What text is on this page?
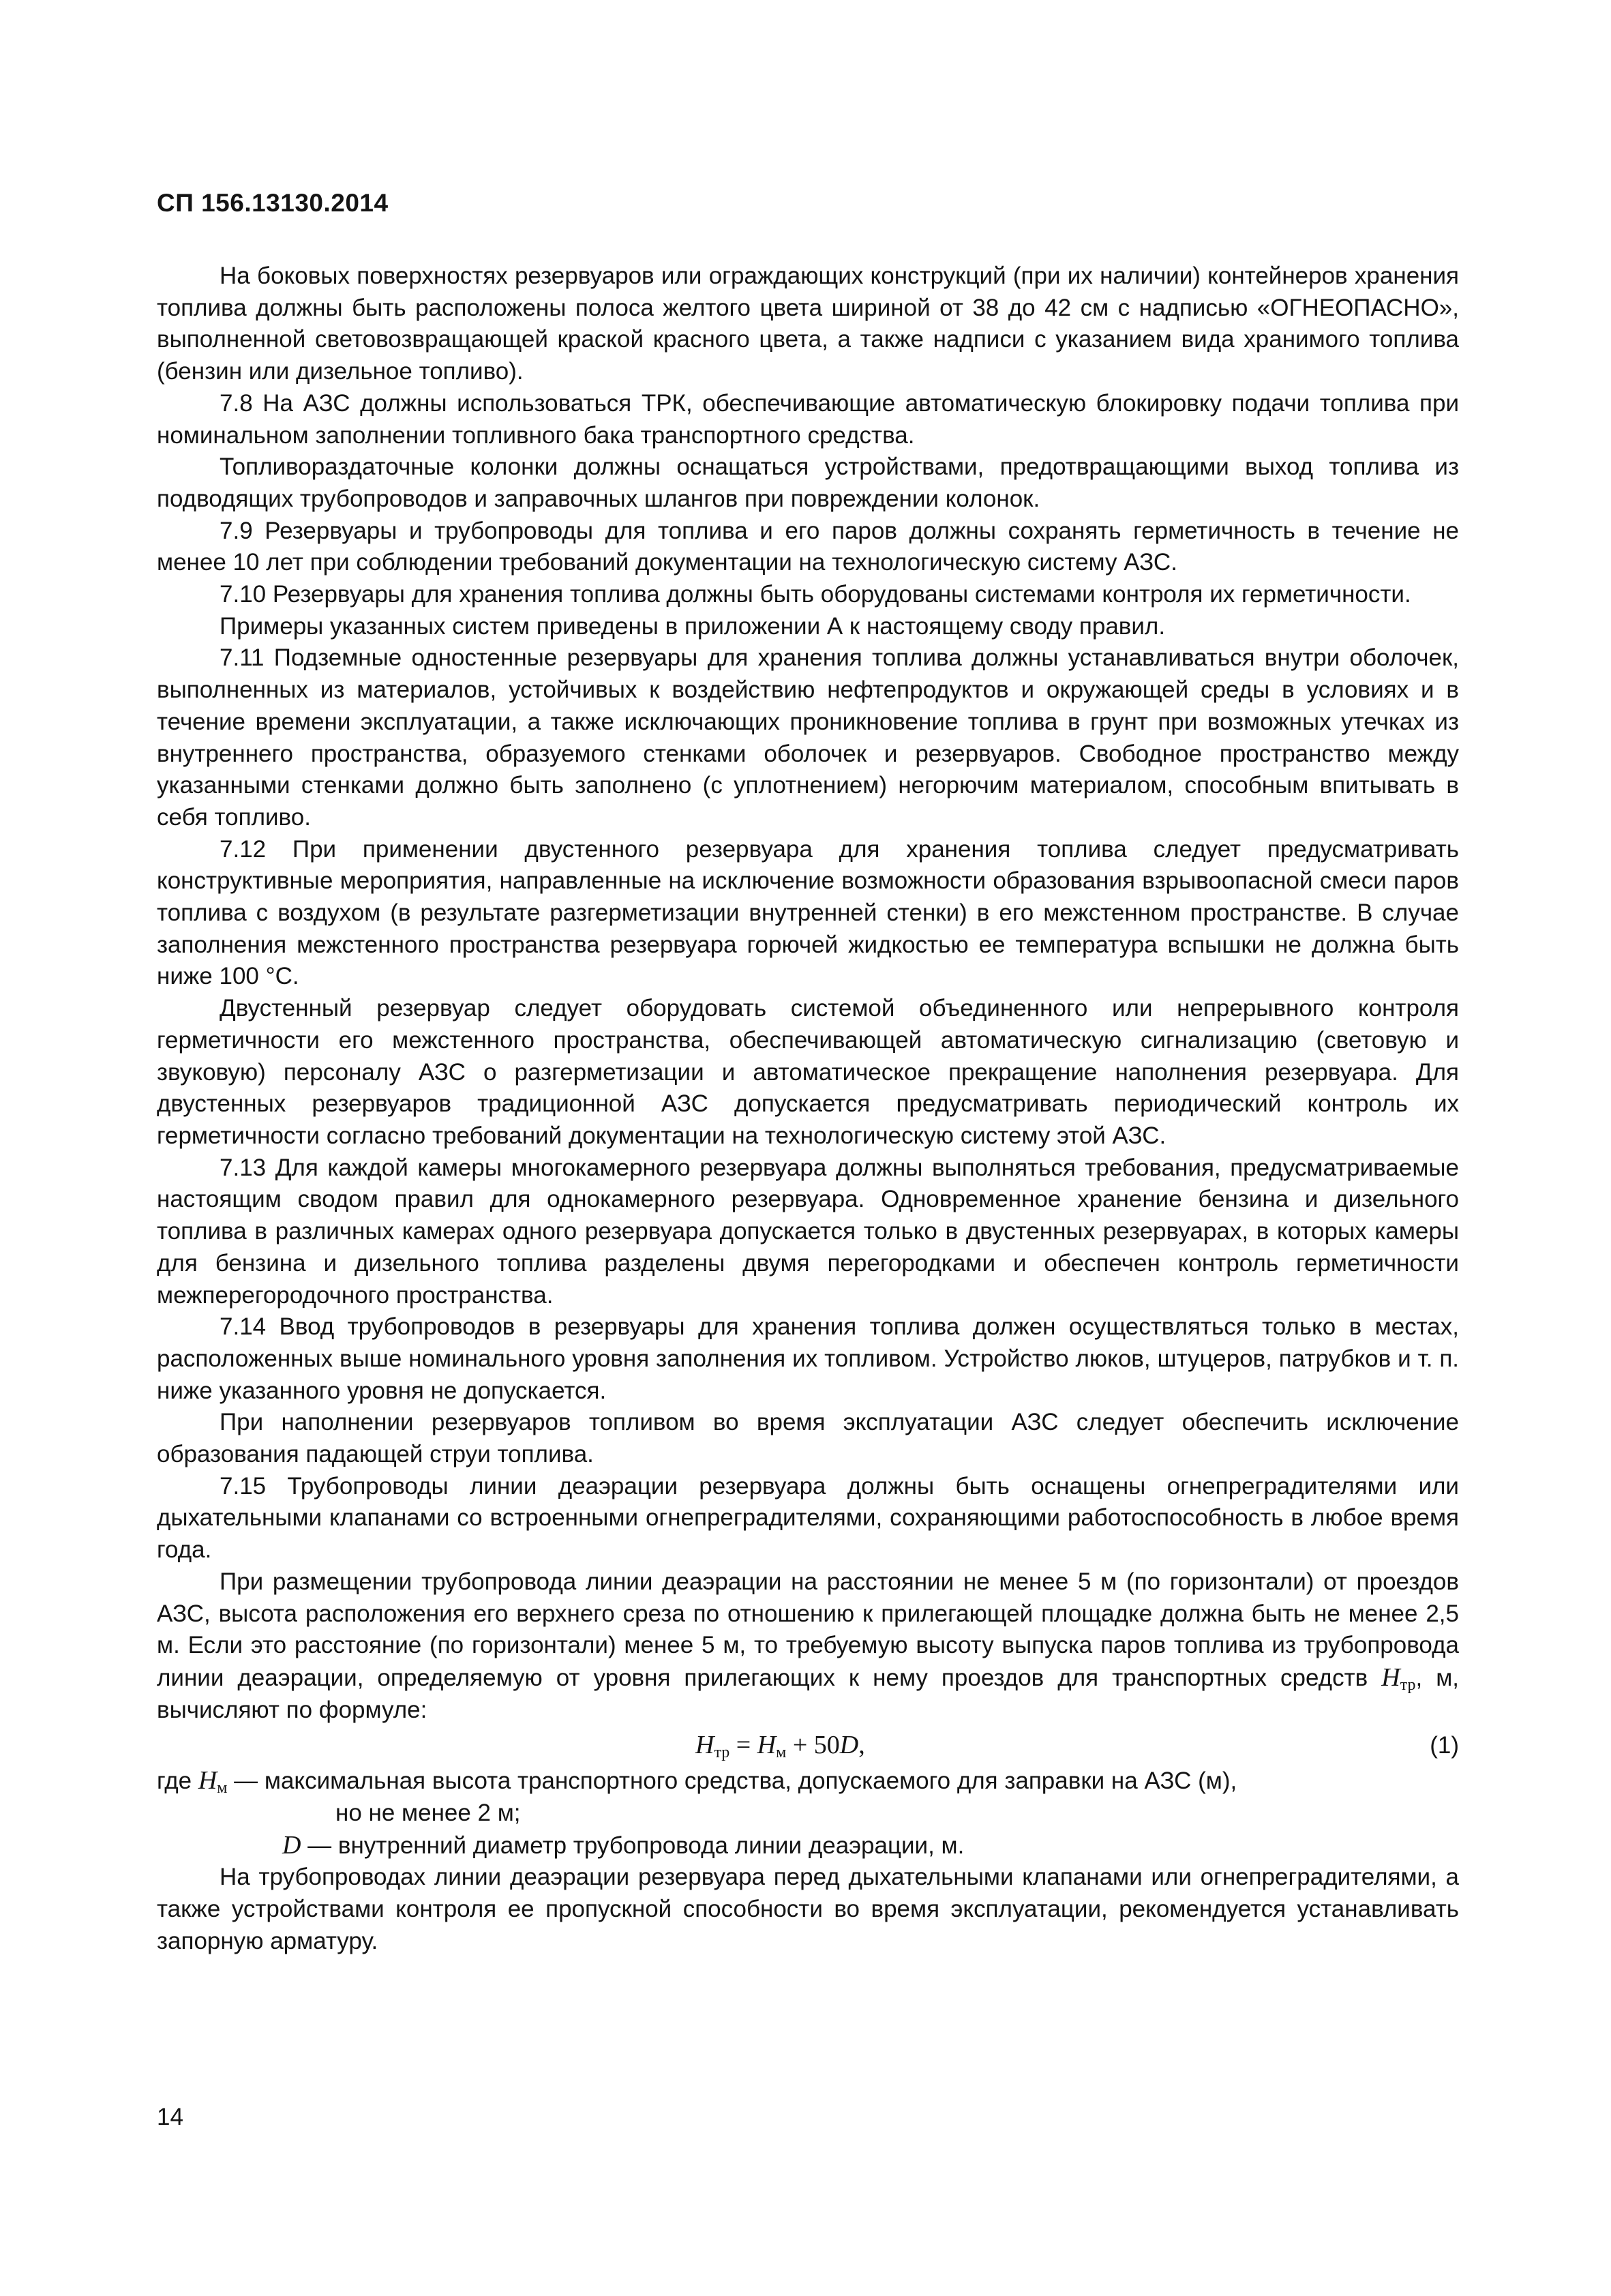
СП 156.13130.2014

На боковых поверхностях резервуаров или ограждающих конструкций (при их наличии) контейнеров хранения топлива должны быть расположены полоса желтого цвета шириной от 38 до 42 см с надписью «ОГНЕОПАСНО», выполненной световозвращающей краской красного цвета, а также надписи с указанием вида хранимого топлива (бензин или дизельное топливо).

7.8 На АЗС должны использоваться ТРК, обеспечивающие автоматическую блокировку подачи топлива при номинальном заполнении топливного бака транспортного средства.

Топливораздаточные колонки должны оснащаться устройствами, предотвращающими выход топлива из подводящих трубопроводов и заправочных шлангов при повреждении колонок.

7.9 Резервуары и трубопроводы для топлива и его паров должны сохранять герметичность в течение не менее 10 лет при соблюдении требований документации на технологическую систему АЗС.

7.10 Резервуары для хранения топлива должны быть оборудованы системами контроля их герметичности.

Примеры указанных систем приведены в приложении А к настоящему своду правил.

7.11 Подземные одностенные резервуары для хранения топлива должны устанавливаться внутри оболочек, выполненных из материалов, устойчивых к воздействию нефтепродуктов и окружающей среды в условиях и в течение времени эксплуатации, а также исключающих проникновение топлива в грунт при возможных утечках из внутреннего пространства, образуемого стенками оболочек и резервуаров. Свободное пространство между указанными стенками должно быть заполнено (с уплотнением) негорючим материалом, способным впитывать в себя топливо.

7.12 При применении двустенного резервуара для хранения топлива следует предусматривать конструктивные мероприятия, направленные на исключение возможности образования взрывоопасной смеси паров топлива с воздухом (в результате разгерметизации внутренней стенки) в его межстенном пространстве. В случае заполнения межстенного пространства резервуара горючей жидкостью ее температура вспышки не должна быть ниже 100 °С.

Двустенный резервуар следует оборудовать системой объединенного или непрерывного контроля герметичности его межстенного пространства, обеспечивающей автоматическую сигнализацию (световую и звуковую) персоналу АЗС о разгерметизации и автоматическое прекращение наполнения резервуара. Для двустенных резервуаров традиционной АЗС допускается предусматривать периодический контроль их герметичности согласно требований документации на технологическую систему этой АЗС.

7.13 Для каждой камеры многокамерного резервуара должны выполняться требования, предусматриваемые настоящим сводом правил для однокамерного резервуара. Одновременное хранение бензина и дизельного топлива в различных камерах одного резервуара допускается только в двустенных резервуарах, в которых камеры для бензина и дизельного топлива разделены двумя перегородками и обеспечен контроль герметичности межперегородочного пространства.

7.14 Ввод трубопроводов в резервуары для хранения топлива должен осуществляться только в местах, расположенных выше номинального уровня заполнения их топливом. Устройство люков, штуцеров, патрубков и т. п. ниже указанного уровня не допускается.

При наполнении резервуаров топливом во время эксплуатации АЗС следует обеспечить исключение образования падающей струи топлива.

7.15 Трубопроводы линии деаэрации резервуара должны быть оснащены огнепреградителями или дыхательными клапанами со встроенными огнепреградителями, сохраняющими работоспособность в любое время года.

При размещении трубопровода линии деаэрации на расстоянии не менее 5 м (по горизонтали) от проездов АЗС, высота расположения его верхнего среза по отношению к прилегающей площадке должна быть не менее 2,5 м. Если это расстояние (по горизонтали) менее 5 м, то требуемую высоту выпуска паров топлива из трубопровода линии деаэрации, определяемую от уровня прилегающих к нему проездов для транспортных средств $H_{тр}$, м, вычисляют по формуле:

$H_{тр} = H_м + 50D$,	(1)
где $H_м$ — максимальная высота транспортного средства, допускаемого для заправки на АЗС (м),

но не менее 2 м;

D — внутренний диаметр трубопровода линии деаэрации, м.

На трубопроводах линии деаэрации резервуара перед дыхательными клапанами или огнепреградителями, а также устройствами контроля ее пропускной способности во время эксплуатации, рекомендуется устанавливать запорную арматуру.

14
